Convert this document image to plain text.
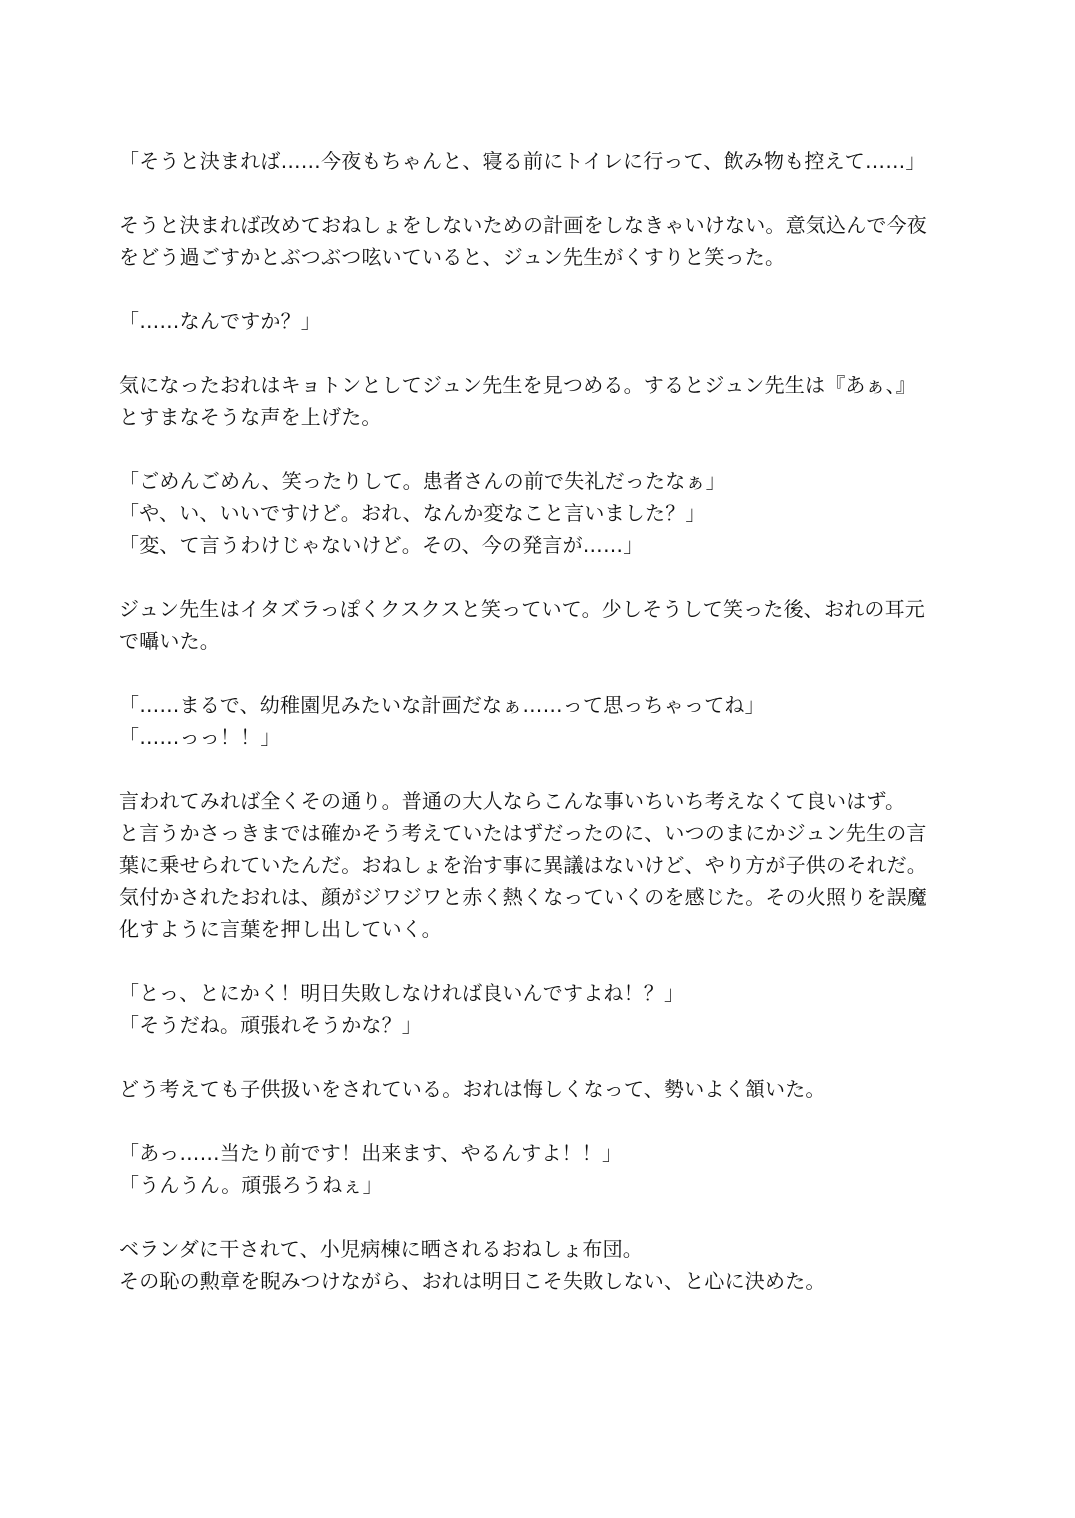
「そうと決まれば……今夜もちゃんと、寝る前にトイレに行って、飲み物も控えて……」
そうと決まれば改めておねしょをしないための計画をしなきゃいけない。意気込んで今夜
をどう過ごすかとぶつぶつ呟いていると、ジュン先生がくすりと笑った。
「……なんですか？」
気になったおれはキョトンとしてジュン先生を見つめる。するとジュン先生は『あぁ、』
とすまなそうな声を上げた。
「ごめんごめん、笑ったりして。患者さんの前で失礼だったなぁ」
「や、い、いいですけど。おれ、なんか変なこと言いました？」
「変、て言うわけじゃないけど。その、今の発言が……」
ジュン先生はイタズラっぽくクスクスと笑っていて。少しそうして笑った後、おれの耳元
で囁いた。
「……まるで、幼稚園児みたいな計画だなぁ……って思っちゃってね」
「……っっ！！」
言われてみれば全くその通り。普通の大人ならこんな事いちいち考えなくて良いはず。
と言うかさっきまでは確かそう考えていたはずだったのに、いつのまにかジュン先生の言
葉に乗せられていたんだ。おねしょを治す事に異議はないけど、やり方が子供のそれだ。
気付かされたおれは、顔がジワジワと赤く熱くなっていくのを感じた。その火照りを誤魔
化すように言葉を押し出していく。
「とっ、とにかく！明日失敗しなければ良いんですよね！？」
「そうだね。頑張れそうかな？」
どう考えても子供扱いをされている。おれは悔しくなって、勢いよく頷いた。
「あっ……当たり前です！出来ます、やるんすよ！！」
「うんうん。頑張ろうねぇ」
ベランダに干されて、小児病棟に晒されるおねしょ布団。
その恥の勲章を睨みつけながら、おれは明日こそ失敗しない、と心に決めた。
